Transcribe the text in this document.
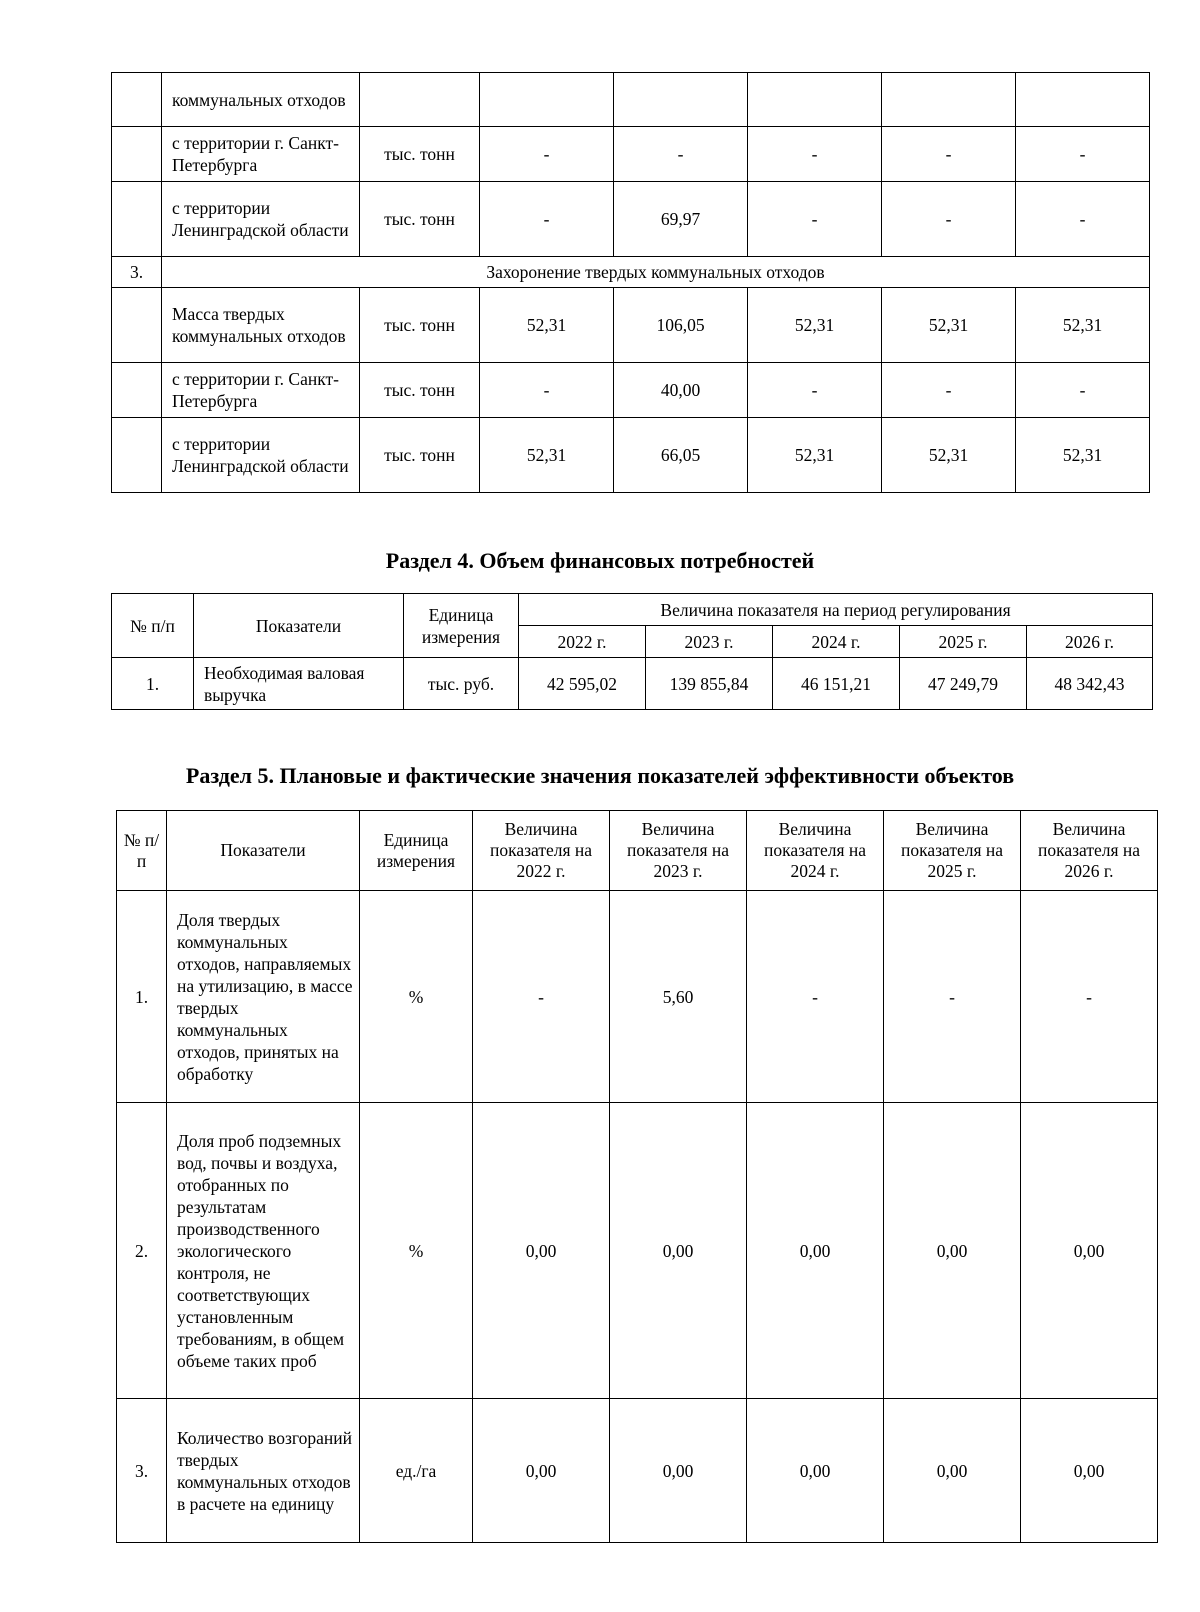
	коммунальных отходов						
	с территории г. Санкт-Петербурга	тыс. тонн	-	-	-	-	-
	с территории Ленинградской области	тыс. тонн	-	69,97	-	-	-
3.	Захоронение твердых коммунальных отходов						
	Масса твердых коммунальных отходов	тыс. тонн	52,31	106,05	52,31	52,31	52,31
	с территории г. Санкт-Петербурга	тыс. тонн	-	40,00	-	-	-
	с территории Ленинградской области	тыс. тонн	52,31	66,05	52,31	52,31	52,31
Раздел 4. Объем финансовых потребностей
№ п/п	Показатели	Единица измерения	Величина показателя на период регулирования				
			2022 г.	2023 г.	2024 г.	2025 г.	2026 г.
1.	Необходимая валовая выручка	тыс. руб.	42 595,02	139 855,84	46 151,21	47 249,79	48 342,43
Раздел 5. Плановые и фактические значения показателей эффективности объектов
№ п/п	Показатели	Единица измерения	Величина показателя на 2022 г.	Величина показателя на 2023 г.	Величина показателя на 2024 г.	Величина показателя на 2025 г.	Величина показателя на 2026 г.
1.	Доля твердых коммунальных отходов, направляемых на утилизацию, в массе твердых коммунальных отходов, принятых на обработку	%	-	5,60	-	-	-
2.	Доля проб подземных вод, почвы и воздуха, отобранных по результатам производственного экологического контроля, не соответствующих установленным требованиям, в общем объеме таких проб	%	0,00	0,00	0,00	0,00	0,00
3.	Количество возгораний твердых коммунальных отходов в расчете на единицу	ед./га	0,00	0,00	0,00	0,00	0,00
